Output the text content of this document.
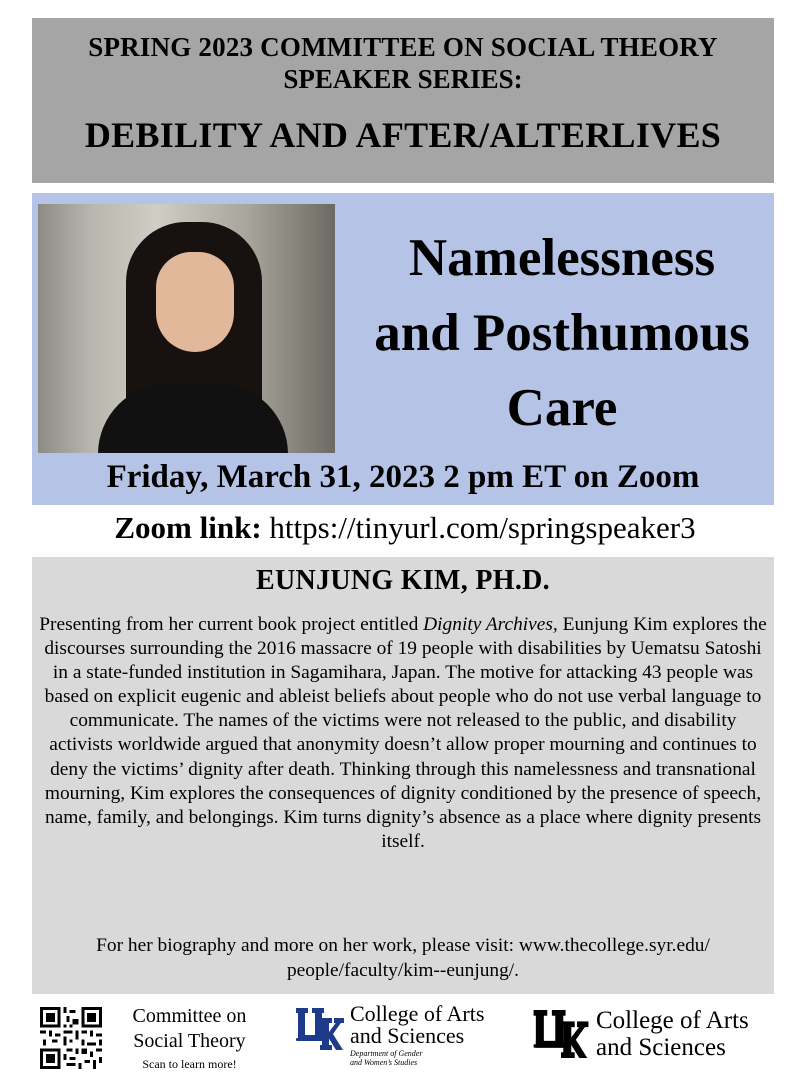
SPRING 2023 COMMITTEE ON SOCIAL THEORY
SPEAKER SERIES:
DEBILITY AND AFTER/ALTERLIVES
Namelessness
and Posthumous
Care
Friday, March 31, 2023 2 pm ET on Zoom
Zoom link: https://tinyurl.com/springspeaker3
EUNJUNG KIM, PH.D.
Presenting from her current book project entitled Dignity Archives, Eunjung Kim explores the discourses surrounding the 2016 massacre of 19 people with disabilities by Uematsu Satoshi in a state-funded institution in Sagamihara, Japan. The motive for attacking 43 people was based on explicit eugenic and ableist beliefs about people who do not use verbal language to communicate. The names of the victims were not released to the public, and disability activists worldwide argued that anonymity doesn’t allow proper mourning and continues to deny the victims’ dignity after death. Thinking through this namelessness and transnational mourning, Kim explores the consequences of dignity conditioned by the presence of speech, name, family, and belongings. Kim turns dignity’s absence as a place where dignity presents itself.
For her biography and more on her work, please visit: www.thecollege.syr.edu/ people/faculty/kim--eunjung/.
Committee on
Social Theory
Scan to learn more!
College of Arts
and Sciences
Department of Gender
and Women’s Studies
College of Arts
and Sciences
